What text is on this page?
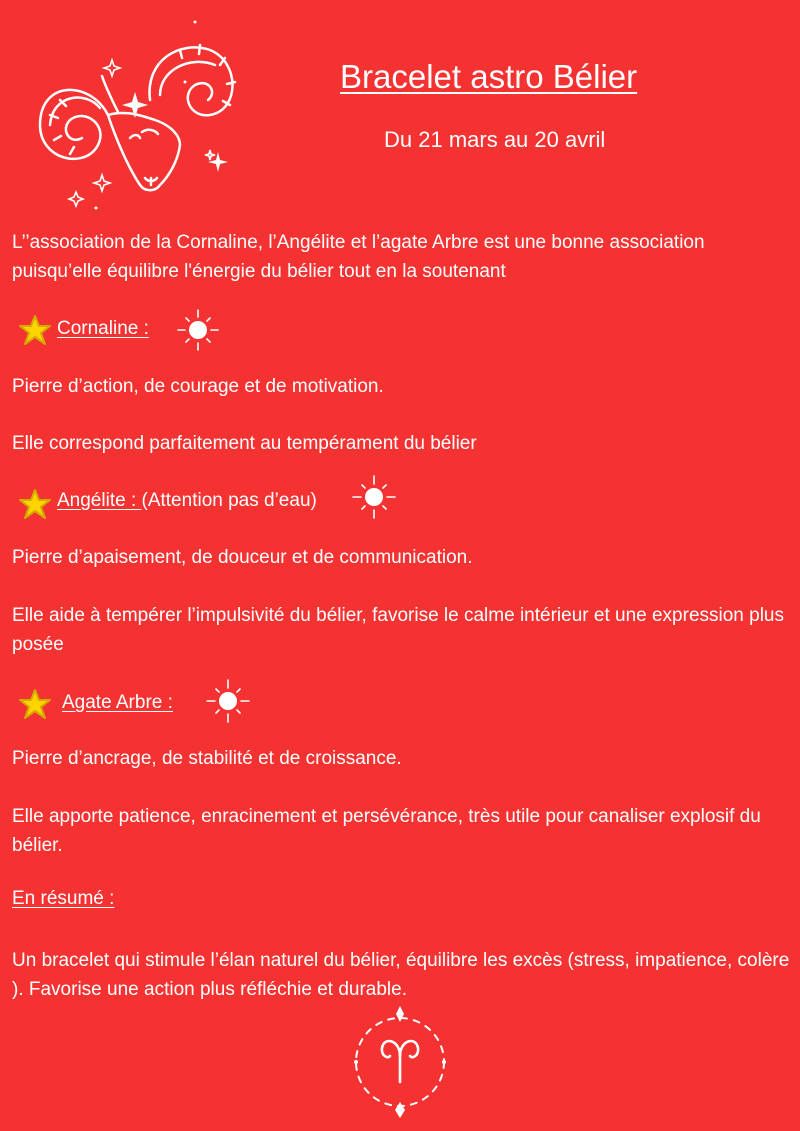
Bracelet astro Bélier
Du 21 mars au 20 avril
L’’association de la Cornaline, l’Angélite et l’agate Arbre est une bonne association puisqu’elle équilibre l'énergie du bélier tout en la soutenant
Cornaline :
Pierre d’action, de courage et de motivation.
Elle correspond parfaitement au tempérament du bélier
Angélite : (Attention pas d’eau)
Pierre d’apaisement, de douceur et de communication.
Elle aide à tempérer l’impulsivité du bélier, favorise le calme intérieur et une expression plus posée
Agate Arbre :
Pierre d’ancrage, de stabilité et de croissance.
Elle apporte patience, enracinement et persévérance, très utile pour canaliser explosif du bélier.
En résumé :
Un bracelet qui stimule l’élan naturel du bélier, équilibre les excès (stress, impatience, colère ). Favorise une action plus réfléchie et durable.
